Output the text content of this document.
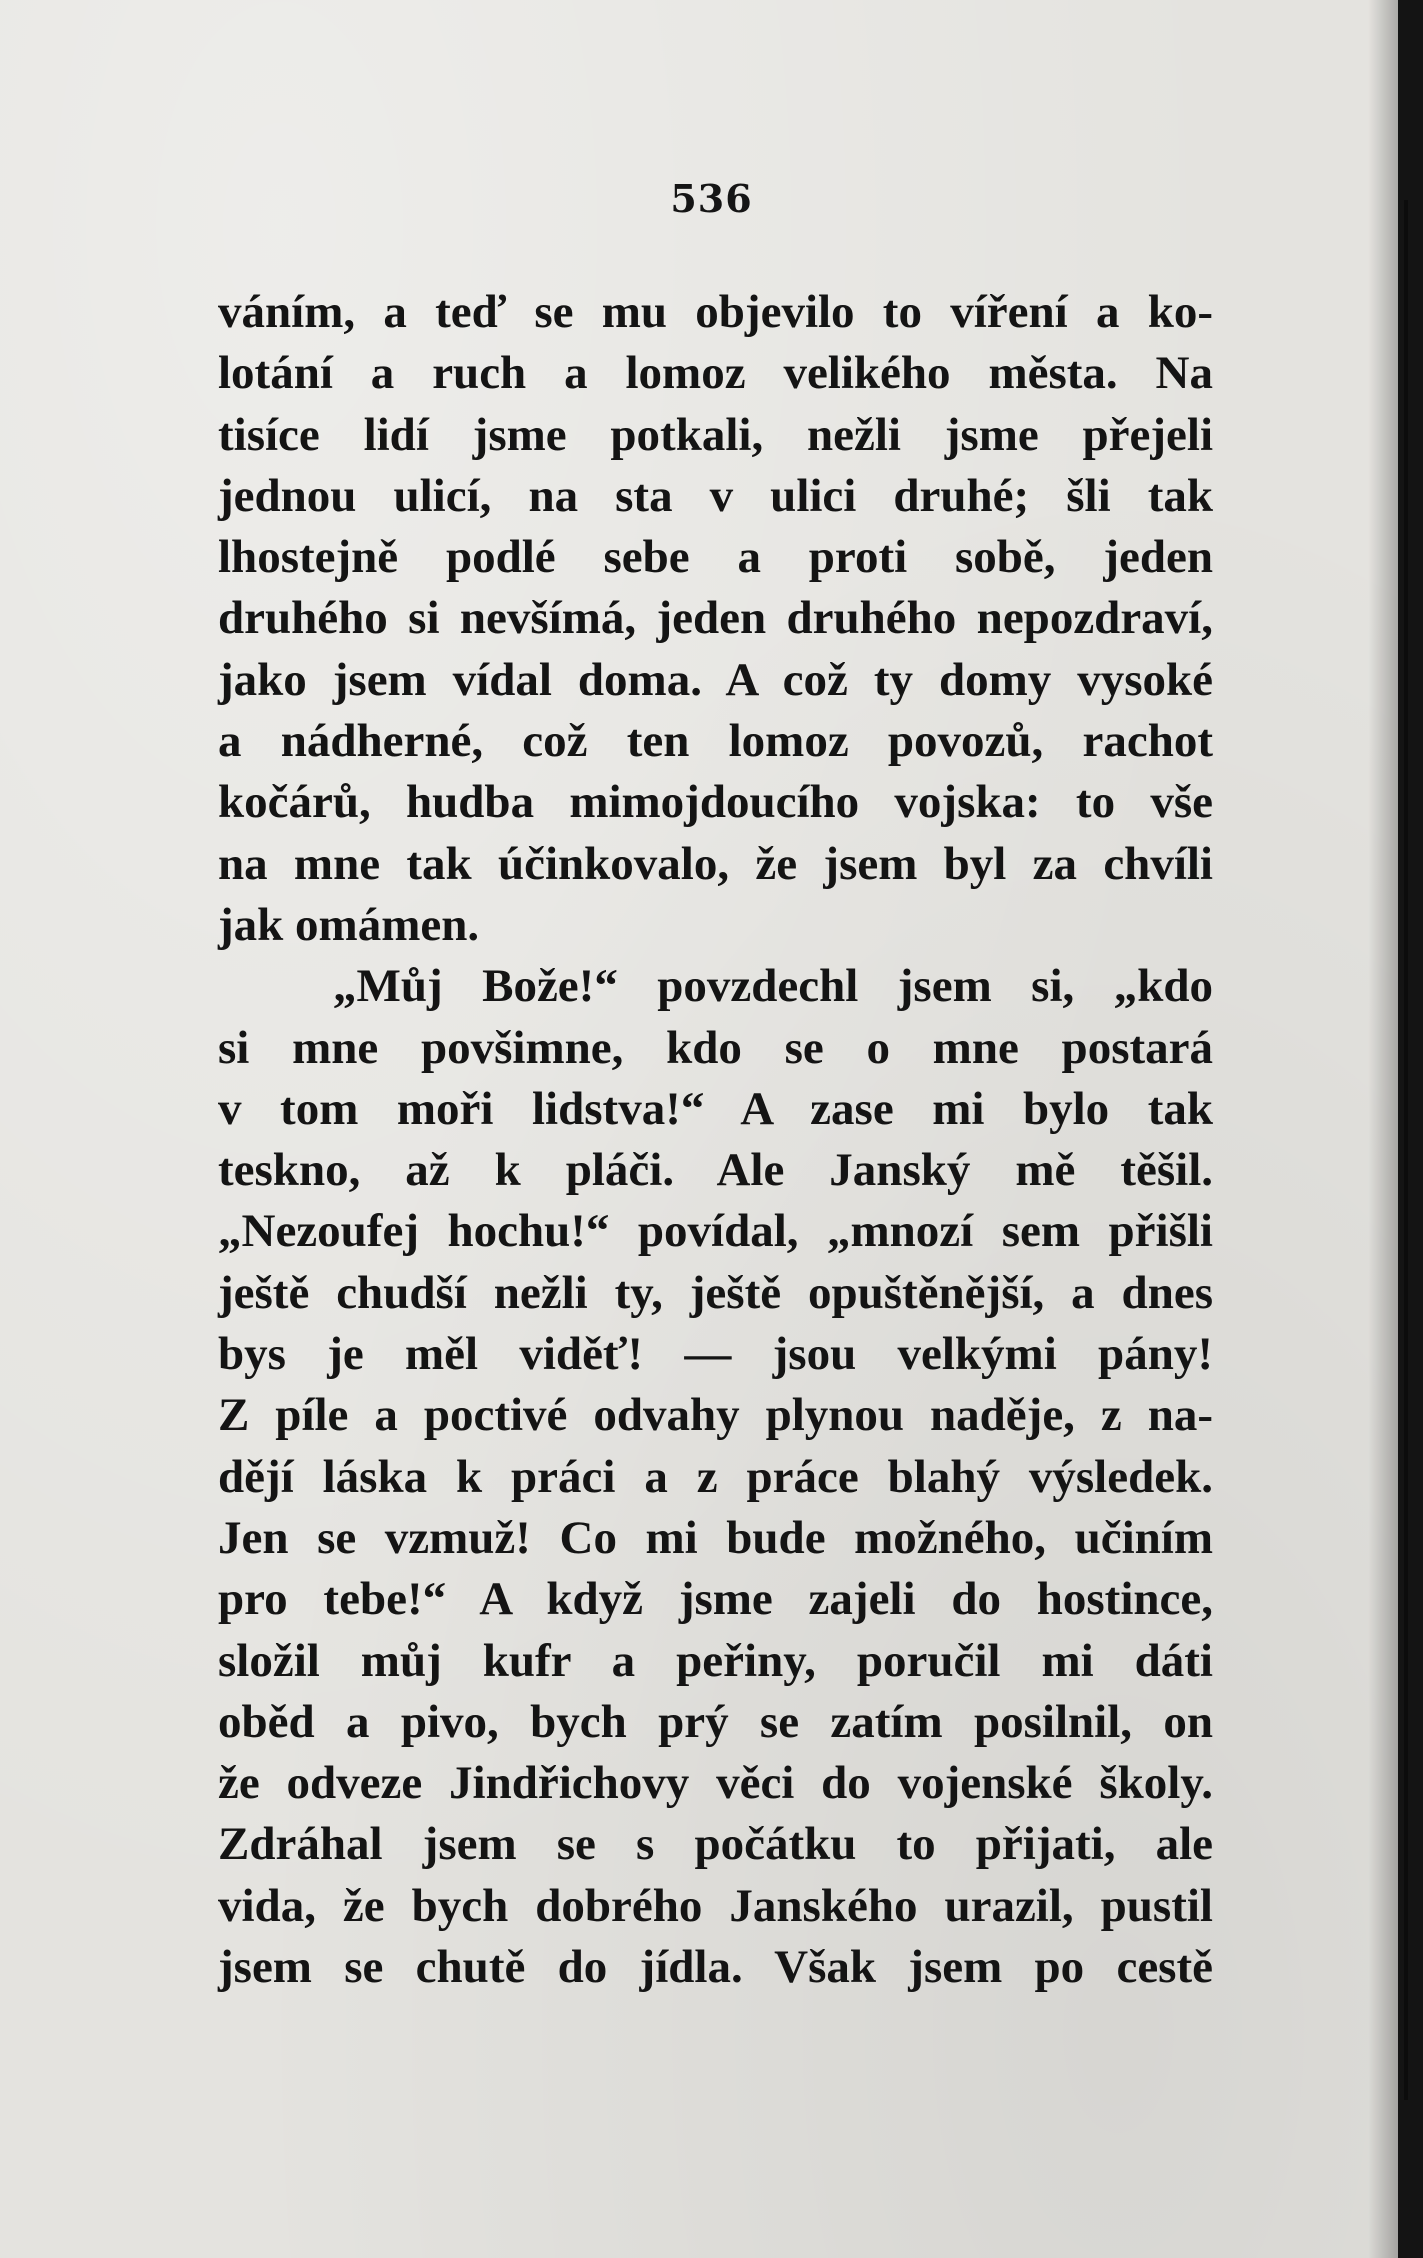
536
váním, a teď se mu objevilo to víření a ko-
lotání a ruch a lomoz velikého města. Na
tisíce lidí jsme potkali, nežli jsme přejeli
jednou ulicí, na sta v ulici druhé; šli tak
lhostejně podlé sebe a proti sobě, jeden
druhého si nevšímá, jeden druhého nepozdraví,
jako jsem vídal doma. A což ty domy vysoké
a nádherné, což ten lomoz povozů, rachot
kočárů, hudba mimojdoucího vojska: to vše
na mne tak účinkovalo, že jsem byl za chvíli
jak omámen.
„Můj Bože!“ povzdechl jsem si, „kdo
si mne povšimne, kdo se o mne postará
v tom moři lidstva!“ A zase mi bylo tak
teskno, až k pláči. Ale Janský mě těšil.
„Nezoufej hochu!“ povídal, „mnozí sem přišli
ještě chudší nežli ty, ještě opuštěnější, a dnes
bys je měl viděť! — jsou velkými pány!
Z píle a poctivé odvahy plynou naděje, z na-
dějí láska k práci a z práce blahý výsledek.
Jen se vzmuž! Co mi bude možného, učiním
pro tebe!“ A když jsme zajeli do hostince,
složil můj kufr a peřiny, poručil mi dáti
oběd a pivo, bych prý se zatím posilnil, on
že odveze Jindřichovy věci do vojenské školy.
Zdráhal jsem se s počátku to přijati, ale
vida, že bych dobrého Janského urazil, pustil
jsem se chutě do jídla. Však jsem po cestě
